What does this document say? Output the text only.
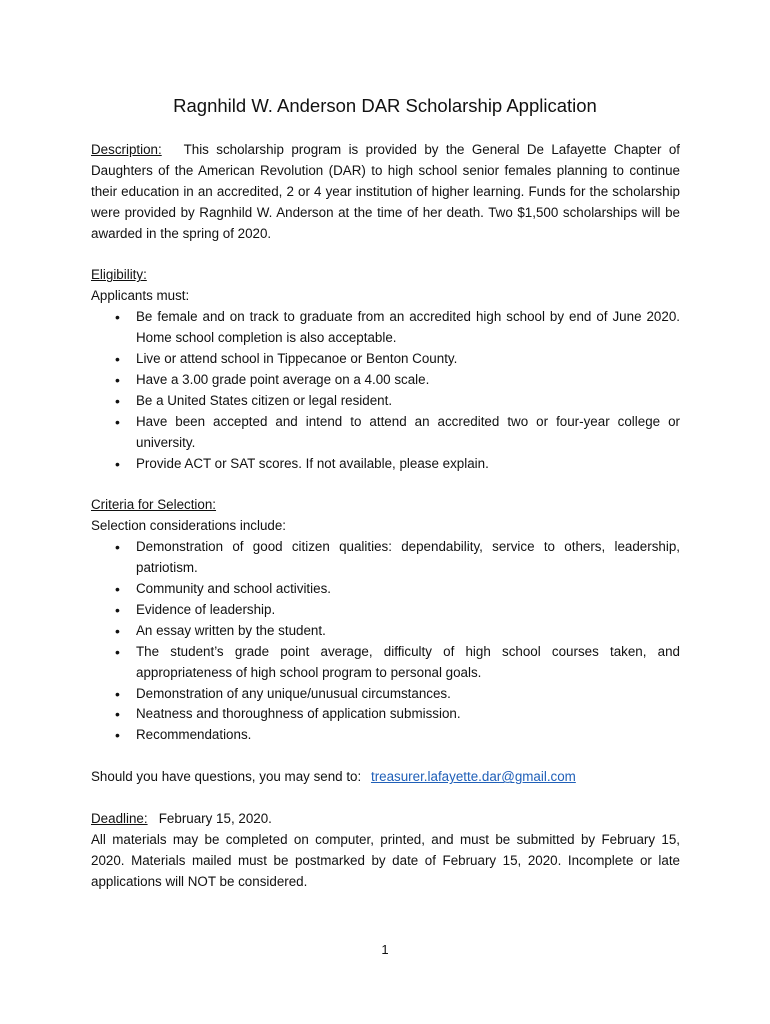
Ragnhild W. Anderson DAR Scholarship Application

Description: This scholarship program is provided by the General De Lafayette Chapter of Daughters of the American Revolution (DAR) to high school senior females planning to continue their education in an accredited, 2 or 4 year institution of higher learning. Funds for the scholarship were provided by Ragnhild W. Anderson at the time of her death. Two $1,500 scholarships will be awarded in the spring of 2020.

Eligibility:

Applicants must:

• Be female and on track to graduate from an accredited high school by end of June 2020. Home school completion is also acceptable.
• Live or attend school in Tippecanoe or Benton County.
• Have a 3.00 grade point average on a 4.00 scale.
• Be a United States citizen or legal resident.
• Have been accepted and intend to attend an accredited two or four-year college or university.
• Provide ACT or SAT scores. If not available, please explain.

Criteria for Selection:

Selection considerations include:

• Demonstration of good citizen qualities: dependability, service to others, leadership, patriotism.
• Community and school activities.
• Evidence of leadership.
• An essay written by the student.
• The student’s grade point average, difficulty of high school courses taken, and appropriateness of high school program to personal goals.
• Demonstration of any unique/unusual circumstances.
• Neatness and thoroughness of application submission.
• Recommendations.

Should you have questions, you may send to: treasurer.lafayette.dar@gmail.com

Deadline: February 15, 2020.

All materials may be completed on computer, printed, and must be submitted by February 15, 2020. Materials mailed must be postmarked by date of February 15, 2020. Incomplete or late applications will NOT be considered.

1
